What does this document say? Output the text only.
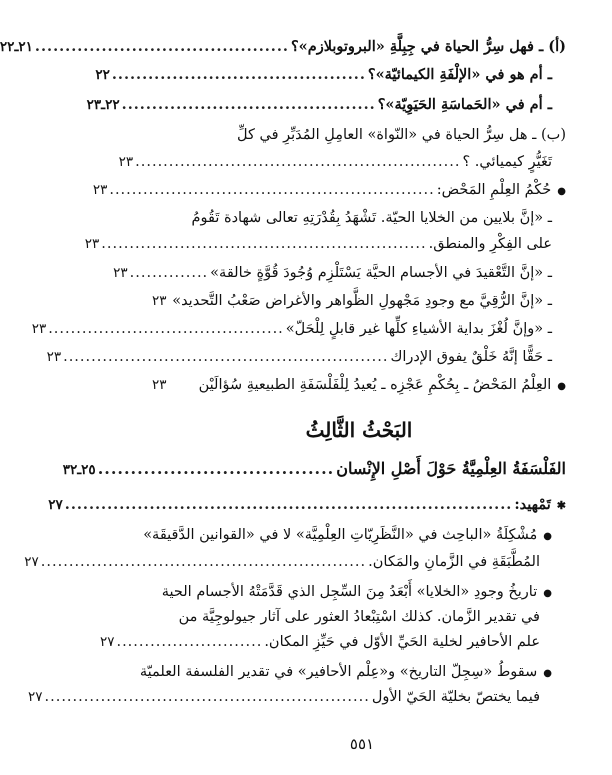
(أ) ـ فهل سِرُّ الحياة في جِبِلَّةِ «البروتوبلازم»؟
..........................................
٢١ـ٢٢
ـ أم هو في «الإلْفَةِ الكيمائيّة»؟
..........................................
٢٢
ـ أم في «الحَماسَةِ الحَيَوِيّة»؟
..........................................
٢٢ـ٢٣
(ب) ـ هل سِرُّ الحياة في «النّواة» العامِلِ المُدَبِّرِ في كلِّ
تَغَيُّرٍ كيميائي. ؟
..........................................................
٢٣
● حُكْمُ العِلْمِ المَحْض:
..........................................................
٢٣
ـ «إنَّ بلايين من الخلايا الحيّة. تَشْهَدُ بِقُدْرَتِهِ تعالى شهادة تَقُومُ
على الفِكْرِ والمنطق.
..........................................................
٢٣
ـ «إنَّ التَّعْقيدَ في الأجسام الحيَّة يَسْتَلْزِم وُجُودَ قُوَّةٍ خالقة»
..............
٢٣
ـ «إنَّ الرُّقِيَّ مع وجودِ مَجْهولِ الظَّواهر والأغراض صَعْبُ التَّحديد»
٢٣
ـ «وإنَّ لُغْزَ بداية الأشياءِ كلِّها غير قابلٍ لِلْحَلّ»
..........................................
٢٣
ـ حَقًّا إنَّهُ خَلْقٌ يفوق الإدراك
..........................................................
٢٣
● العِلْمُ المَحْضُ ـ بِحُكْمِ عَجْزِه ـ يُعيدُ لِلْفَلْسَفَةِ الطبيعيةِ سُؤالَيْن
٢٣
البَحْثُ الثَّالِثُ
الفَلْسَفَةُ العِلْمِيَّةُ حَوْلَ أَصْلِ الإِنْسان
....................................
٢٥ـ٣٢
✱ تَمْهيد:
..........................................................................
٢٧
● مُشْكِلَةُ «الباحِث في «النَّظَرِيّاتِ العِلْمِيَّة» لا في «القوانين الدَّقيقَة»
المُطَّبَقَةِ في الزَّمانِ والمَكان.
..........................................................
٢٧
● تاريخُ وجودِ «الخلايا» أَبْعَدُ مِنَ السِّجِل الذي قَدَّمَتْهُ الأجسام الحية
في تقدير الزَّمان. كذلك اسْتِبْعادُ العثور على آثار جيولوجِيَّة من
علم الأحافير لخلية الحَيِّ الأوّل في حَيِّزِ المكان.
..........................
٢٧
● سقوطُ «سِجِلّ التاريخ» و«عِلْم الأحافير» في تقدير الفلسفة العلميّة
فيما يختصّ بخليّة الحَيّ الأول
..........................................................
٢٧
٥٥١
